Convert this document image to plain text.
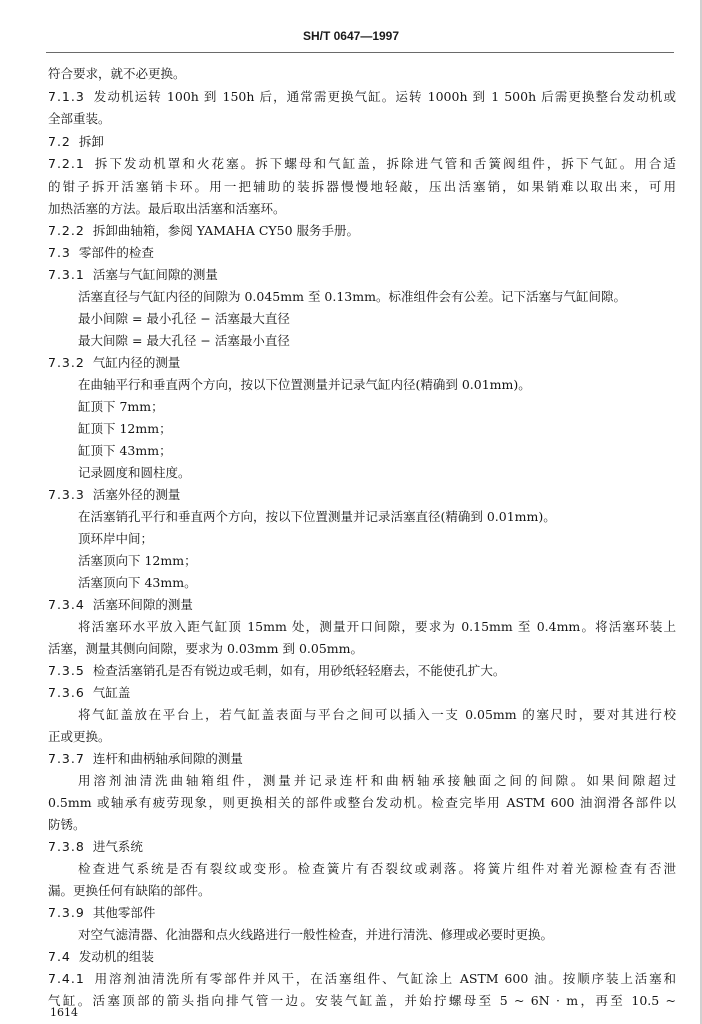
SH/T 0647—1997
符合要求，就不必更换。
7.1.3 发动机运转 100h 到 150h 后，通常需更换气缸。运转 1000h 到 1 500h 后需更换整台发动机或
全部重装。
7.2 拆卸
7.2.1 拆下发动机罩和火花塞。拆下螺母和气缸盖，拆除进气管和舌簧阀组件，拆下气缸。用合适
的钳子拆开活塞销卡环。用一把辅助的装拆器慢慢地轻敲，压出活塞销，如果销难以取出来，可用
加热活塞的方法。最后取出活塞和活塞环。
7.2.2 拆卸曲轴箱，参阅 YAMAHA CY50 服务手册。
7.3 零部件的检查
7.3.1 活塞与气缸间隙的测量
活塞直径与气缸内径的间隙为 0.045mm 至 0.13mm。标准组件会有公差。记下活塞与气缸间隙。
最小间隙 = 最小孔径 − 活塞最大直径
最大间隙 = 最大孔径 − 活塞最小直径
7.3.2 气缸内径的测量
在曲轴平行和垂直两个方向，按以下位置测量并记录气缸内径(精确到 0.01mm)。
缸顶下 7mm；
缸顶下 12mm；
缸顶下 43mm；
记录圆度和圆柱度。
7.3.3 活塞外径的测量
在活塞销孔平行和垂直两个方向，按以下位置测量并记录活塞直径(精确到 0.01mm)。
顶环岸中间；
活塞顶向下 12mm；
活塞顶向下 43mm。
7.3.4 活塞环间隙的测量
将活塞环水平放入距气缸顶 15mm 处，测量开口间隙，要求为 0.15mm 至 0.4mm。将活塞环装上
活塞，测量其侧向间隙，要求为 0.03mm 到 0.05mm。
7.3.5 检查活塞销孔是否有锐边或毛刺，如有，用砂纸轻轻磨去，不能使孔扩大。
7.3.6 气缸盖
将气缸盖放在平台上，若气缸盖表面与平台之间可以插入一支 0.05mm 的塞尺时，要对其进行校
正或更换。
7.3.7 连杆和曲柄轴承间隙的测量
用溶剂油清洗曲轴箱组件，测量并记录连杆和曲柄轴承接触面之间的间隙。如果间隙超过
0.5mm 或轴承有疲劳现象，则更换相关的部件或整台发动机。检查完毕用 ASTM 600 油润滑各部件以
防锈。
7.3.8 进气系统
检查进气系统是否有裂纹或变形。检查簧片有否裂纹或剥落。将簧片组件对着光源检查有否泄
漏。更换任何有缺陷的部件。
7.3.9 其他零部件
对空气滤清器、化油器和点火线路进行一般性检查，并进行清洗、修理或必要时更换。
7.4 发动机的组装
7.4.1 用溶剂油清洗所有零部件并风干，在活塞组件、气缸涂上 ASTM 600 油。按顺序装上活塞和
气缸。活塞顶部的箭头指向排气管一边。安装气缸盖，并始拧螺母至 5 ~ 6N · m，再至 10.5 ~
1614
